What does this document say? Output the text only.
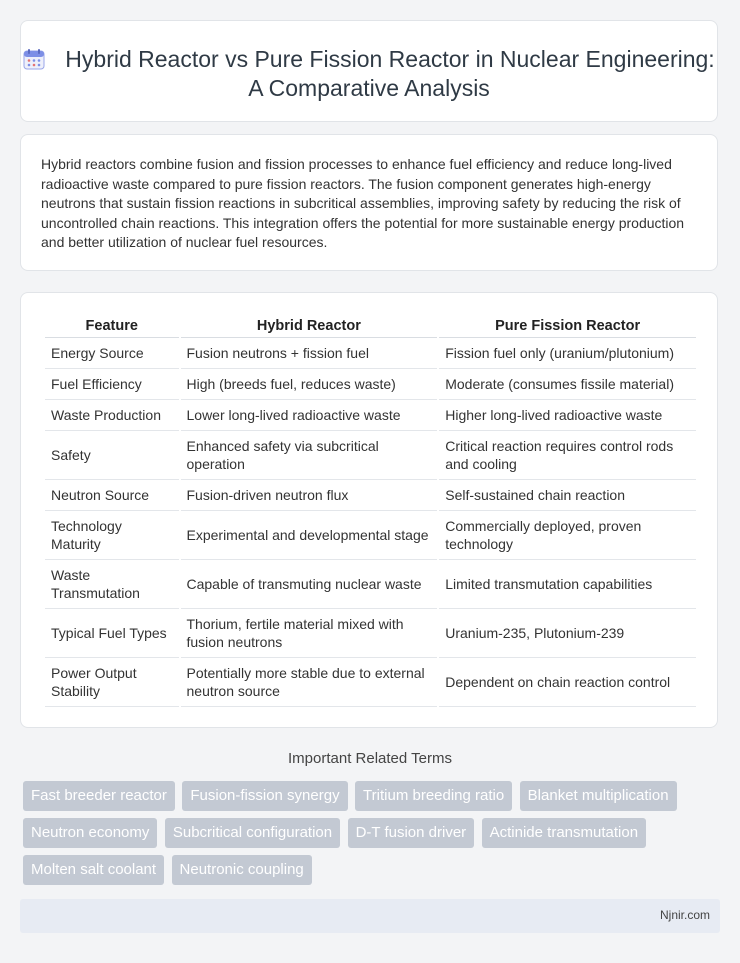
Hybrid Reactor vs Pure Fission Reactor in Nuclear Engineering: A Comparative Analysis
Hybrid reactors combine fusion and fission processes to enhance fuel efficiency and reduce long-lived radioactive waste compared to pure fission reactors. The fusion component generates high-energy neutrons that sustain fission reactions in subcritical assemblies, improving safety by reducing the risk of uncontrolled chain reactions. This integration offers the potential for more sustainable energy production and better utilization of nuclear fuel resources.
Feature	Hybrid Reactor	Pure Fission Reactor
Energy Source	Fusion neutrons + fission fuel	Fission fuel only (uranium/plutonium)
Fuel Efficiency	High (breeds fuel, reduces waste)	Moderate (consumes fissile material)
Waste Production	Lower long-lived radioactive waste	Higher long-lived radioactive waste
Safety	Enhanced safety via subcritical operation	Critical reaction requires control rods and cooling
Neutron Source	Fusion-driven neutron flux	Self-sustained chain reaction
Technology Maturity	Experimental and developmental stage	Commercially deployed, proven technology
Waste Transmutation	Capable of transmuting nuclear waste	Limited transmutation capabilities
Typical Fuel Types	Thorium, fertile material mixed with fusion neutrons	Uranium-235, Plutonium-239
Power Output Stability	Potentially more stable due to external neutron source	Dependent on chain reaction control
Important Related Terms
Fast breeder reactor Fusion-fission synergy Tritium breeding ratio Blanket multiplication Neutron economy Subcritical configuration D-T fusion driver Actinide transmutation Molten salt coolant Neutronic coupling
Njnir.com
